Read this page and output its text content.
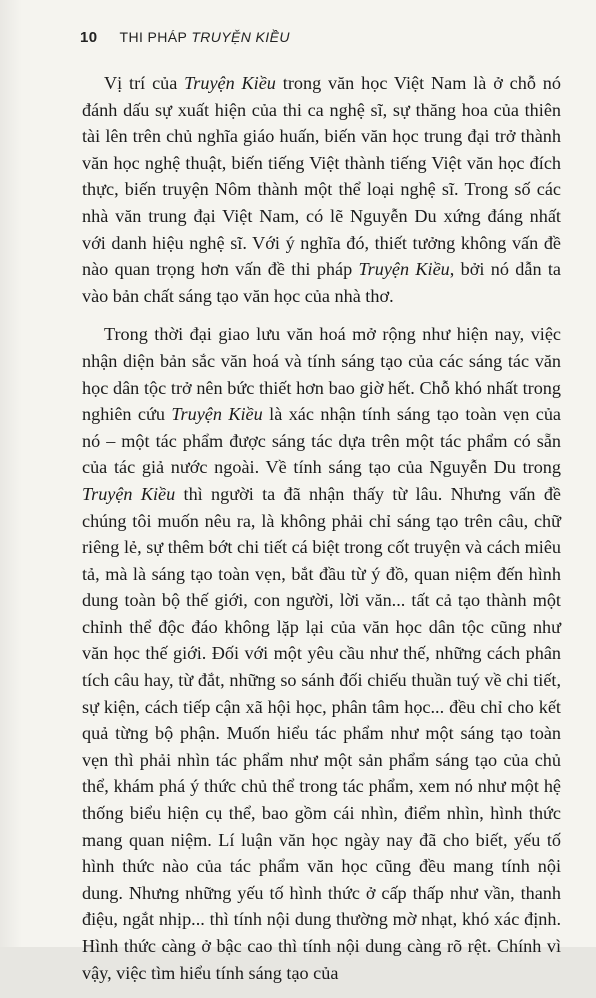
10 THI PHÁP TRUYỆN KIỀU

Vị trí của Truyện Kiều trong văn học Việt Nam là ở chỗ nó đánh dấu sự xuất hiện của thi ca nghệ sĩ, sự thăng hoa của thiên tài lên trên chủ nghĩa giáo huấn, biến văn học trung đại trở thành văn học nghệ thuật, biến tiếng Việt thành tiếng Việt văn học đích thực, biến truyện Nôm thành một thể loại nghệ sĩ. Trong số các nhà văn trung đại Việt Nam, có lẽ Nguyễn Du xứng đáng nhất với danh hiệu nghệ sĩ. Với ý nghĩa đó, thiết tưởng không vấn đề nào quan trọng hơn vấn đề thi pháp Truyện Kiều, bởi nó dẫn ta vào bản chất sáng tạo văn học của nhà thơ.

Trong thời đại giao lưu văn hoá mở rộng như hiện nay, việc nhận diện bản sắc văn hoá và tính sáng tạo của các sáng tác văn học dân tộc trở nên bức thiết hơn bao giờ hết. Chỗ khó nhất trong nghiên cứu Truyện Kiều là xác nhận tính sáng tạo toàn vẹn của nó – một tác phẩm được sáng tác dựa trên một tác phẩm có sẵn của tác giả nước ngoài. Về tính sáng tạo của Nguyễn Du trong Truyện Kiều thì người ta đã nhận thấy từ lâu. Nhưng vấn đề chúng tôi muốn nêu ra, là không phải chỉ sáng tạo trên câu, chữ riêng lẻ, sự thêm bớt chi tiết cá biệt trong cốt truyện và cách miêu tả, mà là sáng tạo toàn vẹn, bắt đầu từ ý đồ, quan niệm đến hình dung toàn bộ thế giới, con người, lời văn... tất cả tạo thành một chỉnh thể độc đáo không lặp lại của văn học dân tộc cũng như văn học thế giới. Đối với một yêu cầu như thế, những cách phân tích câu hay, từ đắt, những so sánh đối chiếu thuần tuý về chi tiết, sự kiện, cách tiếp cận xã hội học, phân tâm học... đều chỉ cho kết quả từng bộ phận. Muốn hiểu tác phẩm như một sáng tạo toàn vẹn thì phải nhìn tác phẩm như một sản phẩm sáng tạo của chủ thể, khám phá ý thức chủ thể trong tác phẩm, xem nó như một hệ thống biểu hiện cụ thể, bao gồm cái nhìn, điểm nhìn, hình thức mang quan niệm. Lí luận văn học ngày nay đã cho biết, yếu tố hình thức nào của tác phẩm văn học cũng đều mang tính nội dung. Nhưng những yếu tố hình thức ở cấp thấp như vần, thanh điệu, ngắt nhịp... thì tính nội dung thường mờ nhạt, khó xác định. Hình thức càng ở bậc cao thì tính nội dung càng rõ rệt. Chính vì vậy, việc tìm hiểu tính sáng tạo của
